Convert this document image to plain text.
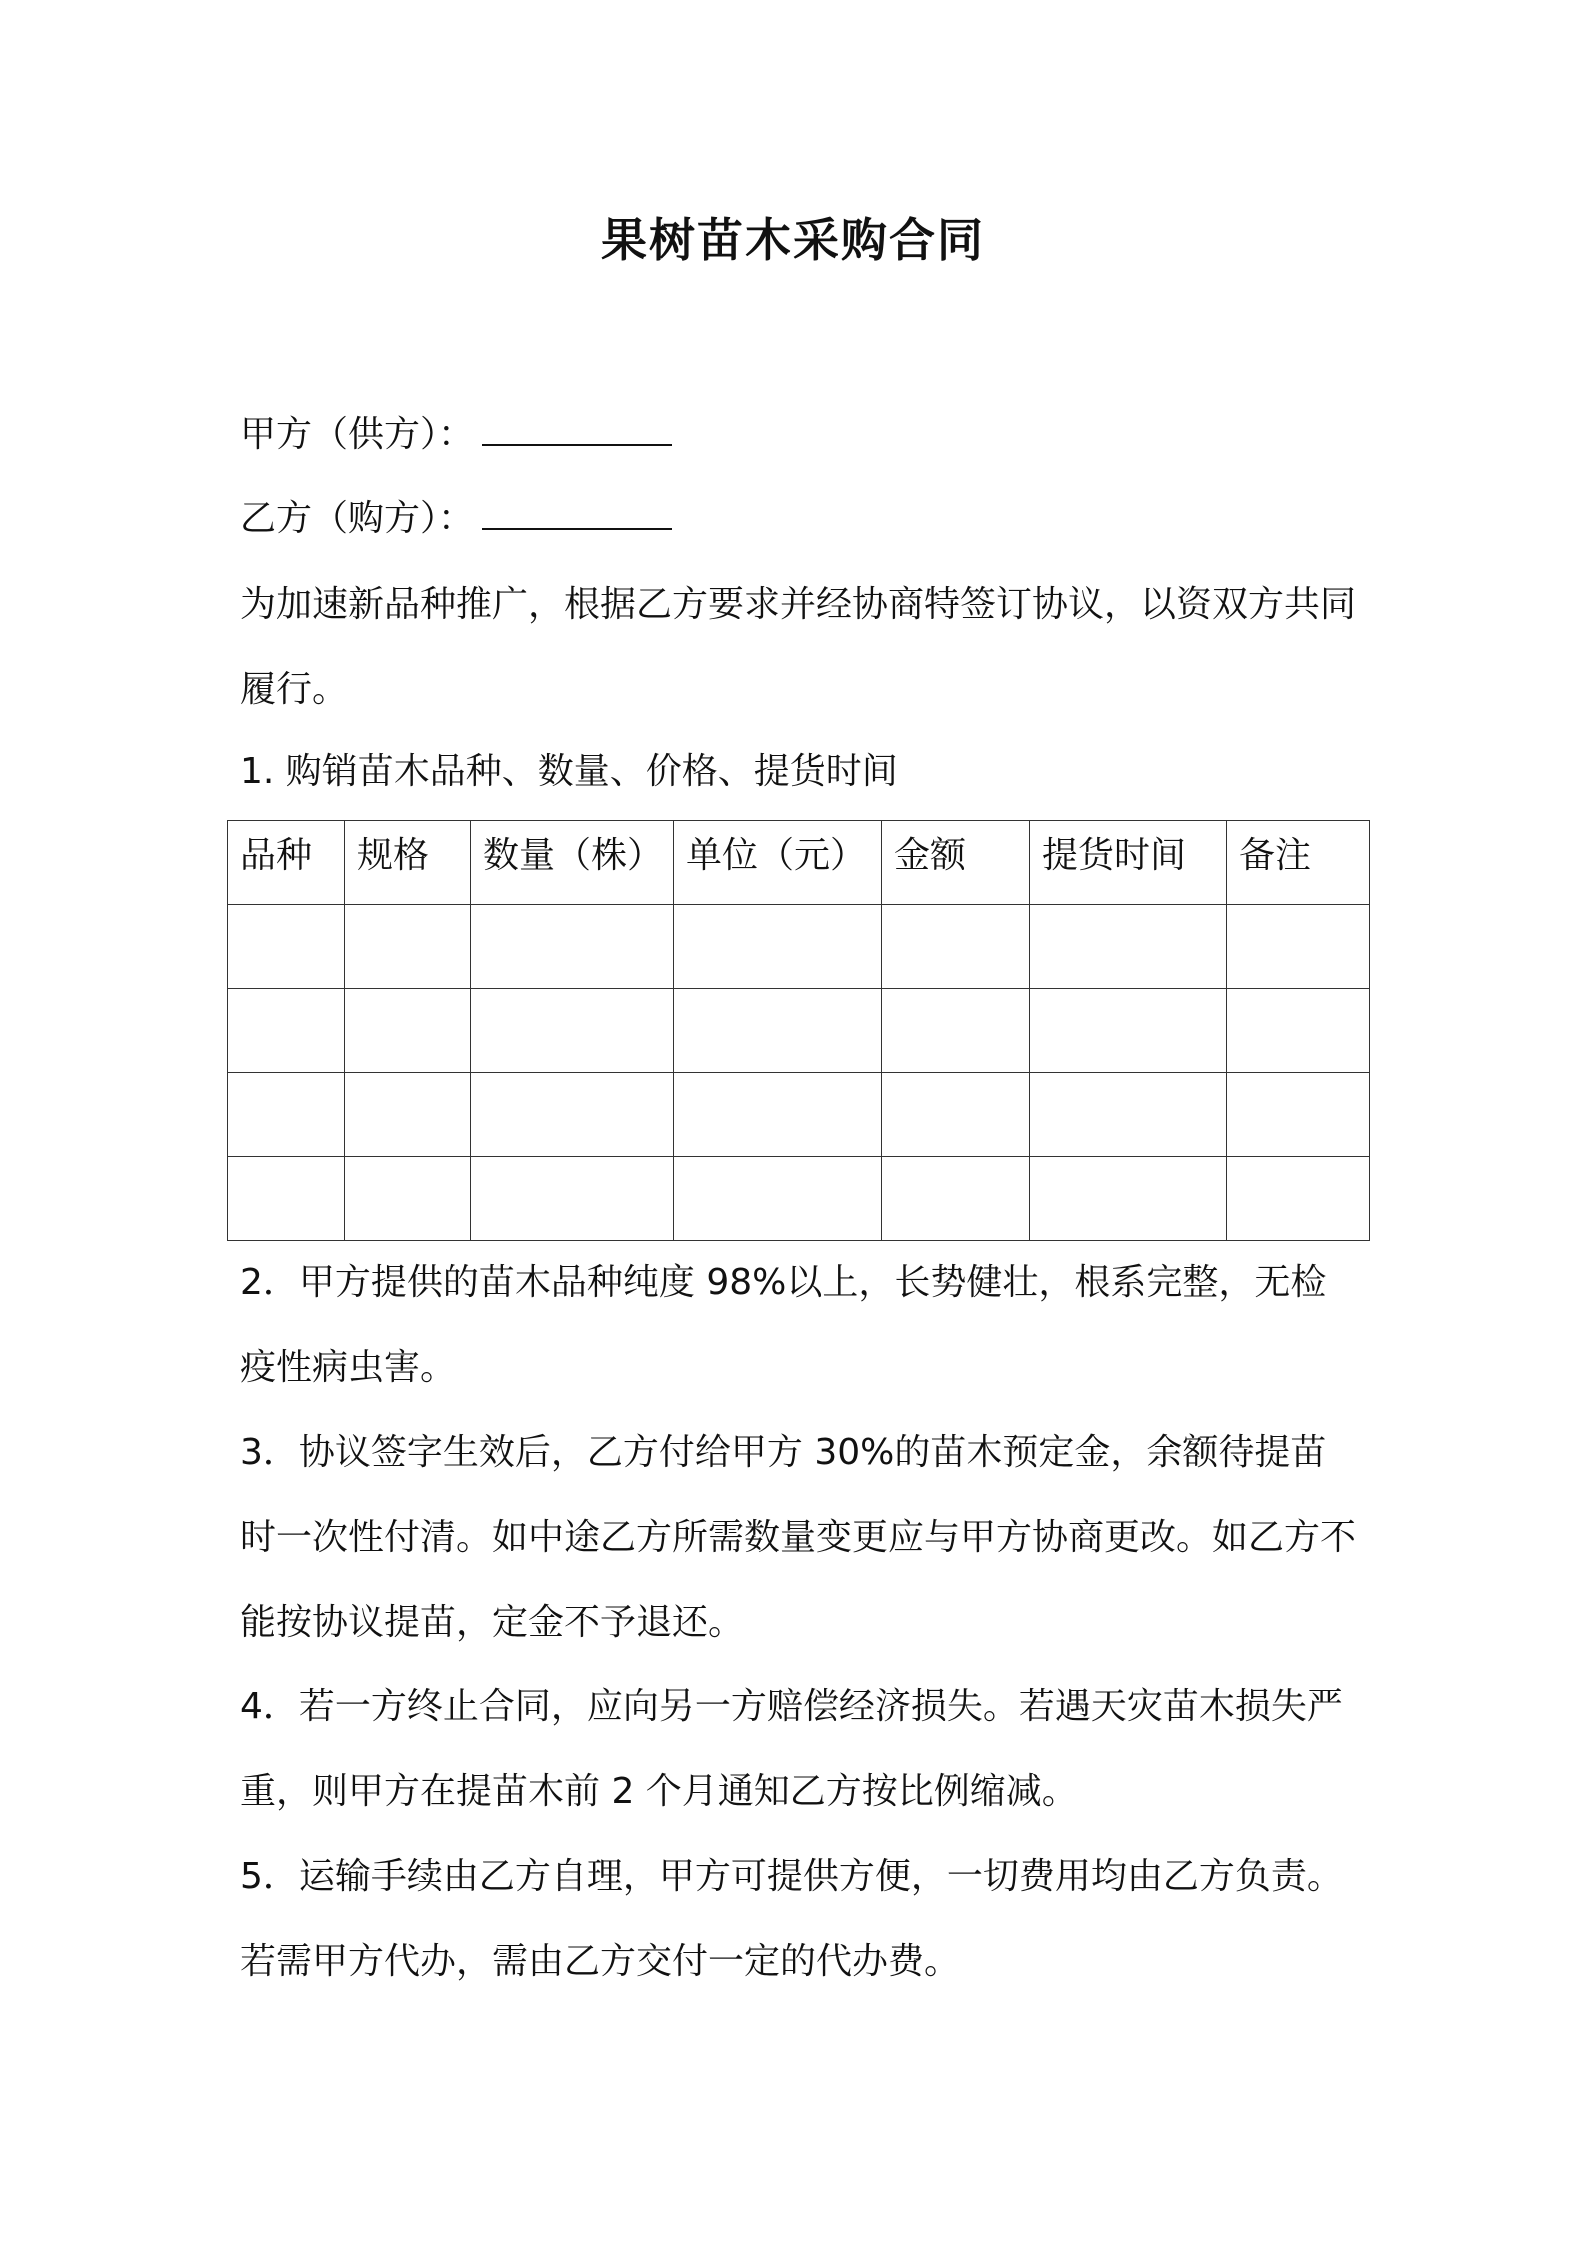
果树苗木采购合同
甲方（供方）：
乙方（购方）：

为加速新品种推广，根据乙方要求并经协商特签订协议，以资双方共同履行。

1. 购销苗木品种、数量、价格、提货时间
品种	规格	数量（株）	单位（元）	金额	提货时间	备注

2．甲方提供的苗木品种纯度 98%以上，长势健壮，根系完整，无检疫性病虫害。

3．协议签字生效后，乙方付给甲方 30%的苗木预定金，余额待提苗时一次性付清。如中途乙方所需数量变更应与甲方协商更改。如乙方不能按协议提苗，定金不予退还。

4．若一方终止合同，应向另一方赔偿经济损失。若遇天灾苗木损失严重，则甲方在提苗木前 2 个月通知乙方按比例缩减。

5．运输手续由乙方自理，甲方可提供方便，一切费用均由乙方负责。若需甲方代办，需由乙方交付一定的代办费。
